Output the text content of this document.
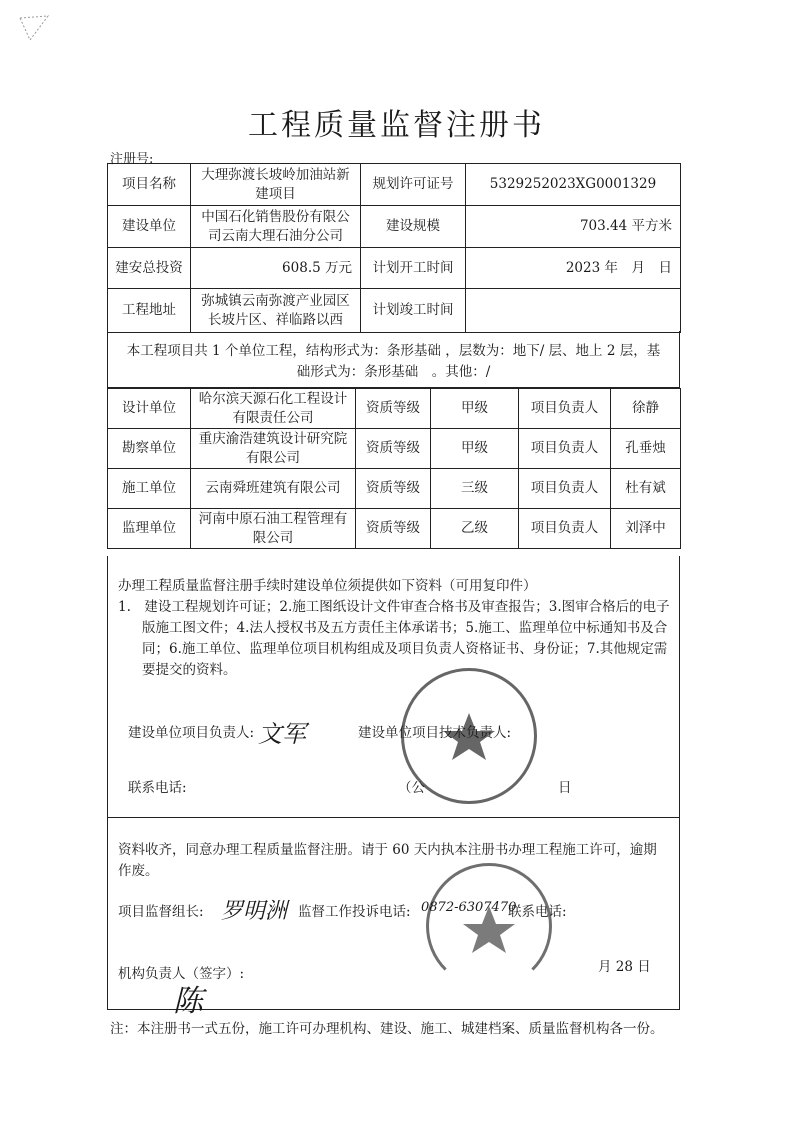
工程质量监督注册书
注册号:
项目名称	大理弥渡长坡岭加油站新建项目	规划许可证号	5329252023XG0001329
建设单位	中国石化销售股份有限公司云南大理石油分公司	建设规模	703.44 平方米
建安总投资	608.5 万元	计划开工时间	2023 年　月　日
工程地址	弥城镇云南弥渡产业园区长坡片区、祥临路以西	计划竣工时间	
本工程项目共 1 个单位工程，结构形式为：条形基础 ，层数为：地下/ 层、地上 2 层，基
础形式为：条形基础　。其他：/
设计单位	哈尔滨天源石化工程设计有限责任公司	资质等级	甲级	项目负责人	徐静
勘察单位	重庆渝浩建筑设计研究院有限公司	资质等级	甲级	项目负责人	孔垂烛
施工单位	云南舜班建筑有限公司	资质等级	三级	项目负责人	杜有斌
监理单位	河南中原石油工程管理有限公司	资质等级	乙级	项目负责人	刘泽中
办理工程质量监督注册手续时建设单位须提供如下资料（可用复印件）
1.　建设工程规划许可证；2.施工图纸设计文件审查合格书及审查报告；3.图审合格后的电子
版施工图文件；4.法人授权书及五方责任主体承诺书；5.施工、监理单位中标通知书及合
同；6.施工单位、监理单位项目机构组成及项目负责人资格证书、身份证；7.其他规定需
要提交的资料。
建设单位项目负责人: 文军	建设单位项目技术负责人:
联系电话:	（公	日
资料收齐，同意办理工程质量监督注册。请于 60 天内执本注册书办理工程施工许可，逾期
作废。
项目监督组长: 罗明洲 监督工作投诉电话: 0872-6307470
联系电话:
机构负责人（签字）:
陈
月 28 日
注：本注册书一式五份，施工许可办理机构、建设、施工、城建档案、质量监督机构各一份。
